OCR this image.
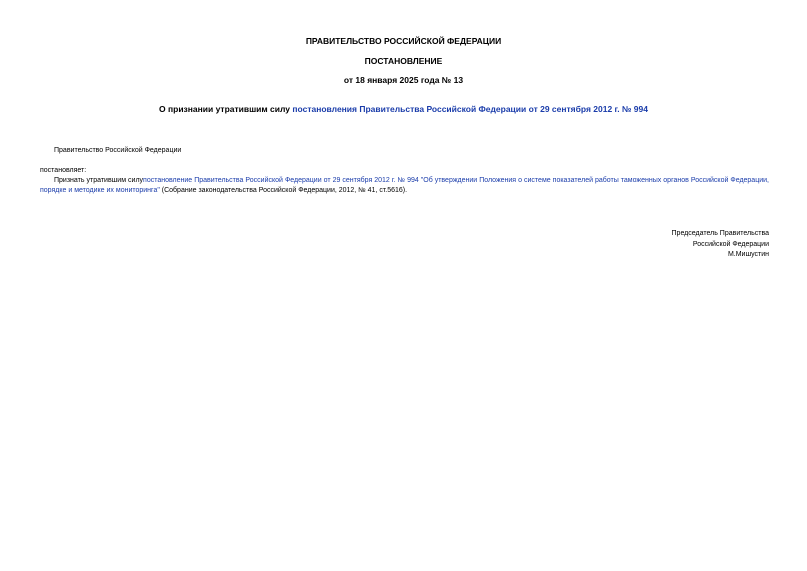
ПРАВИТЕЛЬСТВО РОССИЙСКОЙ ФЕДЕРАЦИИ
ПОСТАНОВЛЕНИЕ
от 18 января 2025 года № 13
О признании утратившим силу постановления Правительства Российской Федерации от 29 сентября 2012 г. № 994
Правительство Российской Федерации
постановляет:
Признать утратившим силупостановление Правительства Российской Федерации от 29 сентября 2012 г. № 994 "Об утверждении Положения о системе показателей работы таможенных органов Российской Федерации, порядке и методике их мониторинга" (Собрание законодательства Российской Федерации, 2012, № 41, ст.5616).
Председатель Правительства
Российской Федерации
М.Мишустин
